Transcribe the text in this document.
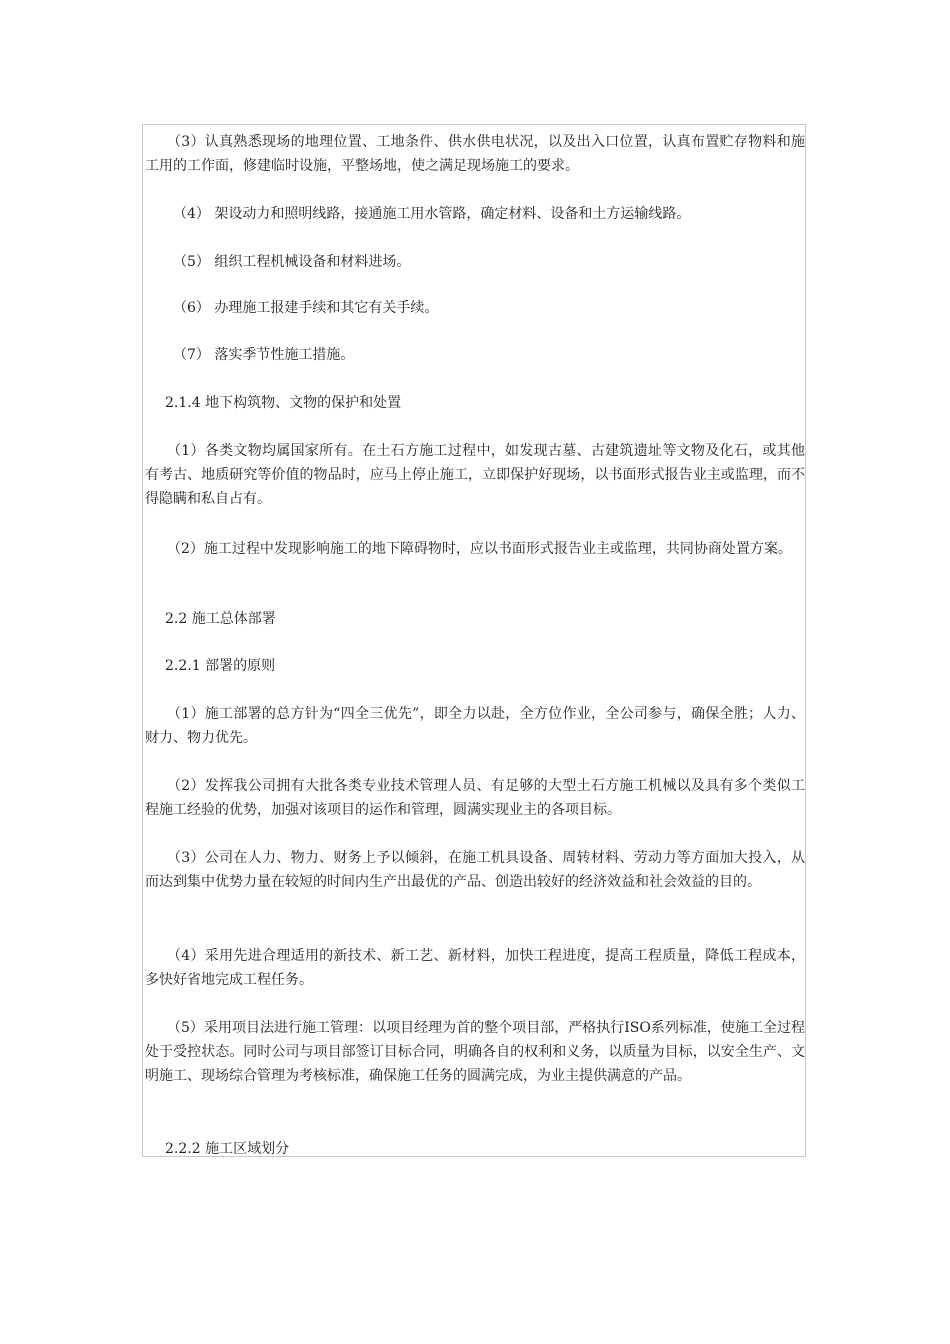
（3）认真熟悉现场的地理位置、工地条件、供水供电状况，以及出入口位置，认真布置贮存物料和施工用的工作面，修建临时设施，平整场地，使之满足现场施工的要求。

（4） 架设动力和照明线路，接通施工用水管路，确定材料、设备和土方运输线路。

（5） 组织工程机械设备和材料进场。

（6） 办理施工报建手续和其它有关手续。

（7） 落实季节性施工措施。

2.1.4 地下构筑物、文物的保护和处置

（1）各类文物均属国家所有。在土石方施工过程中，如发现古墓、古建筑遗址等文物及化石，或其他有考古、地质研究等价值的物品时，应马上停止施工，立即保护好现场，以书面形式报告业主或监理，而不得隐瞒和私自占有。

（2）施工过程中发现影响施工的地下障碍物时，应以书面形式报告业主或监理，共同协商处置方案。

2.2 施工总体部署

2.2.1 部署的原则

（1）施工部署的总方针为“四全三优先”，即全力以赴，全方位作业，全公司参与，确保全胜；人力、财力、物力优先。

（2）发挥我公司拥有大批各类专业技术管理人员、有足够的大型土石方施工机械以及具有多个类似工程施工经验的优势，加强对该项目的运作和管理，圆满实现业主的各项目标。

（3）公司在人力、物力、财务上予以倾斜，在施工机具设备、周转材料、劳动力等方面加大投入，从而达到集中优势力量在较短的时间内生产出最优的产品、创造出较好的经济效益和社会效益的目的。

（4）采用先进合理适用的新技术、新工艺、新材料，加快工程进度，提高工程质量，降低工程成本，多快好省地完成工程任务。

（5）采用项目法进行施工管理：以项目经理为首的整个项目部，严格执行ISO系列标准，使施工全过程处于受控状态。同时公司与项目部签订目标合同，明确各自的权利和义务，以质量为目标，以安全生产、文明施工、现场综合管理为考核标准，确保施工任务的圆满完成，为业主提供满意的产品。

2.2.2 施工区域划分
